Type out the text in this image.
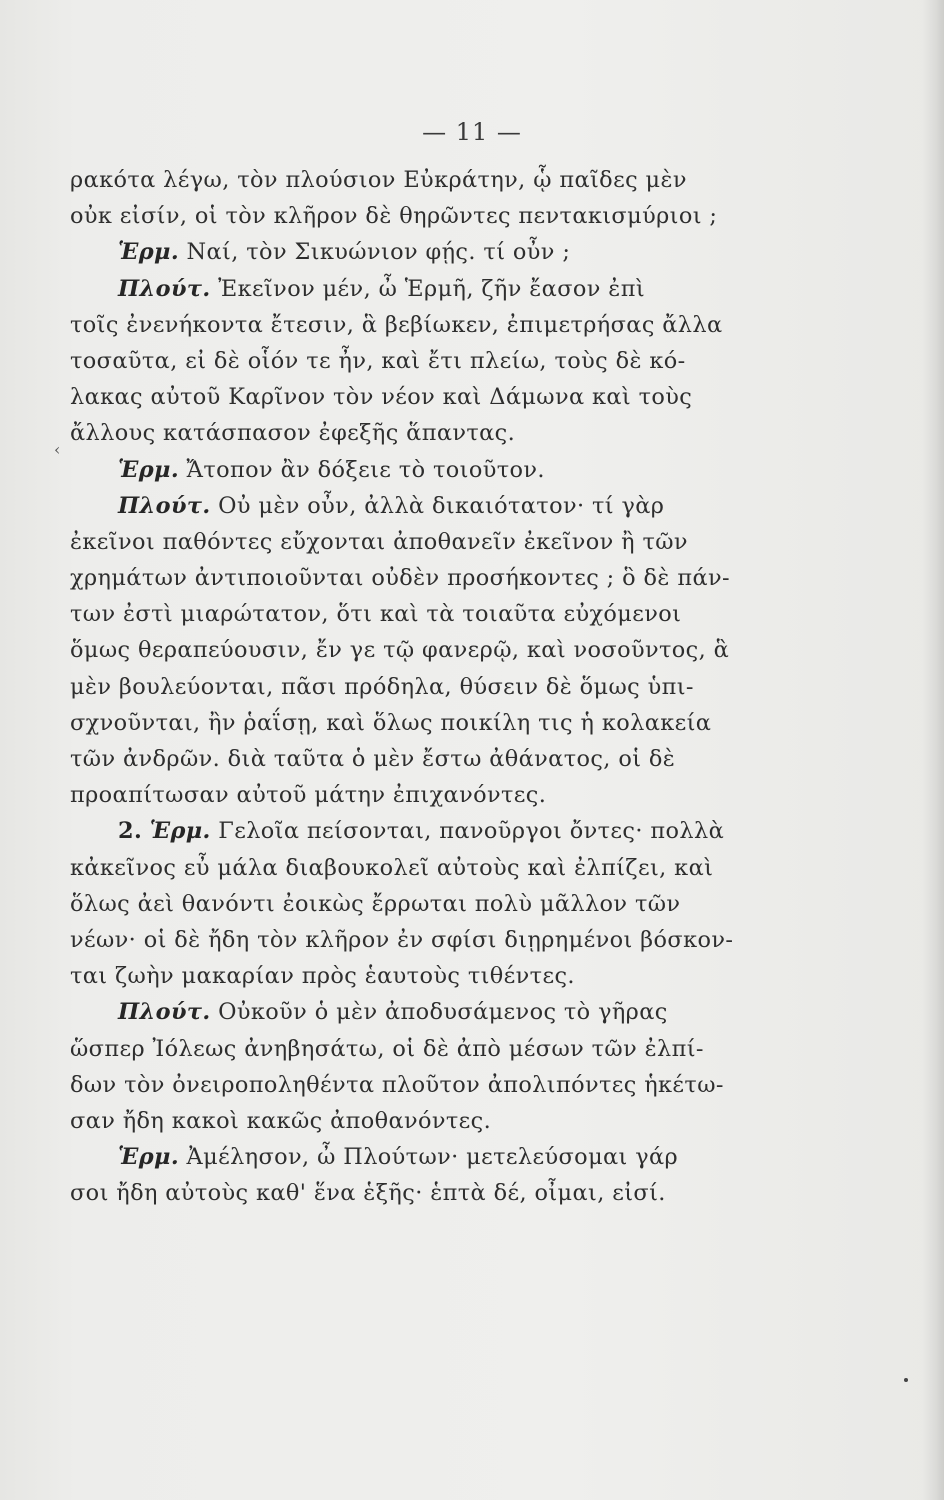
— 11 —
‹
ρακότα λέγω, τὸν πλούσιον Εὐκράτην, ᾧ παῖδες μὲν
οὐκ εἰσίν, οἱ τὸν κλῆρον δὲ θηρῶντες πεντακισμύριοι ;
Ἑρμ. Ναί, τὸν Σικυώνιον φῄς. τί οὖν ;
Πλούτ. Ἐκεῖνον μέν, ὦ Ἑρμῆ, ζῆν ἔασον ἐπὶ
τοῖς ἐνενήκοντα ἔτεσιν, ἃ βεβίωκεν, ἐπιμετρήσας ἄλλα
τοσαῦτα, εἰ δὲ οἷόν τε ἦν, καὶ ἔτι πλείω, τοὺς δὲ κό-
λακας αὐτοῦ Καρῖνον τὸν νέον καὶ Δάμωνα καὶ τοὺς
ἄλλους κατάσπασον ἐφεξῆς ἅπαντας.
Ἑρμ. Ἄτοπον ἂν δόξειε τὸ τοιοῦτον.
Πλούτ. Οὐ μὲν οὖν, ἀλλὰ δικαιότατον· τί γὰρ
ἐκεῖνοι παθόντες εὔχονται ἀποθανεῖν ἐκεῖνον ἢ τῶν
χρημάτων ἀντιποιοῦνται οὐδὲν προσήκοντες ; ὃ δὲ πάν-
των ἐστὶ μιαρώτατον, ὅτι καὶ τὰ τοιαῦτα εὐχόμενοι
ὅμως θεραπεύουσιν, ἔν γε τῷ φανερῷ, καὶ νοσοῦντος, ἃ
μὲν βουλεύονται, πᾶσι πρόδηλα, θύσειν δὲ ὅμως ὑπι-
σχνοῦνται, ἢν ῥαΐσῃ, καὶ ὅλως ποικίλη τις ἡ κολακεία
τῶν ἀνδρῶν. διὰ ταῦτα ὁ μὲν ἔστω ἀθάνατος, οἱ δὲ
προαπίτωσαν αὐτοῦ μάτην ἐπιχανόντες.
2. Ἑρμ. Γελοῖα πείσονται, πανοῦργοι ὄντες· πολλὰ
κἀκεῖνος εὖ μάλα διαβουκολεῖ αὐτοὺς καὶ ἐλπίζει, καὶ
ὅλως ἀεὶ θανόντι ἐοικὼς ἔρρωται πολὺ μᾶλλον τῶν
νέων· οἱ δὲ ἤδη τὸν κλῆρον ἐν σφίσι διῃρημένοι βόσκον-
ται ζωὴν μακαρίαν πρὸς ἑαυτοὺς τιθέντες.
Πλούτ. Οὐκοῦν ὁ μὲν ἀποδυσάμενος τὸ γῆρας
ὥσπερ Ἰόλεως ἀνηβησάτω, οἱ δὲ ἀπὸ μέσων τῶν ἐλπί-
δων τὸν ὀνειροποληθέντα πλοῦτον ἀπολιπόντες ἡκέτω-
σαν ἤδη κακοὶ κακῶς ἀποθανόντες.
Ἑρμ. Ἀμέλησον, ὦ Πλούτων· μετελεύσομαι γάρ
σοι ἤδη αὐτοὺς καθ' ἕνα ἑξῆς· ἑπτὰ δέ, οἶμαι, εἰσί.
